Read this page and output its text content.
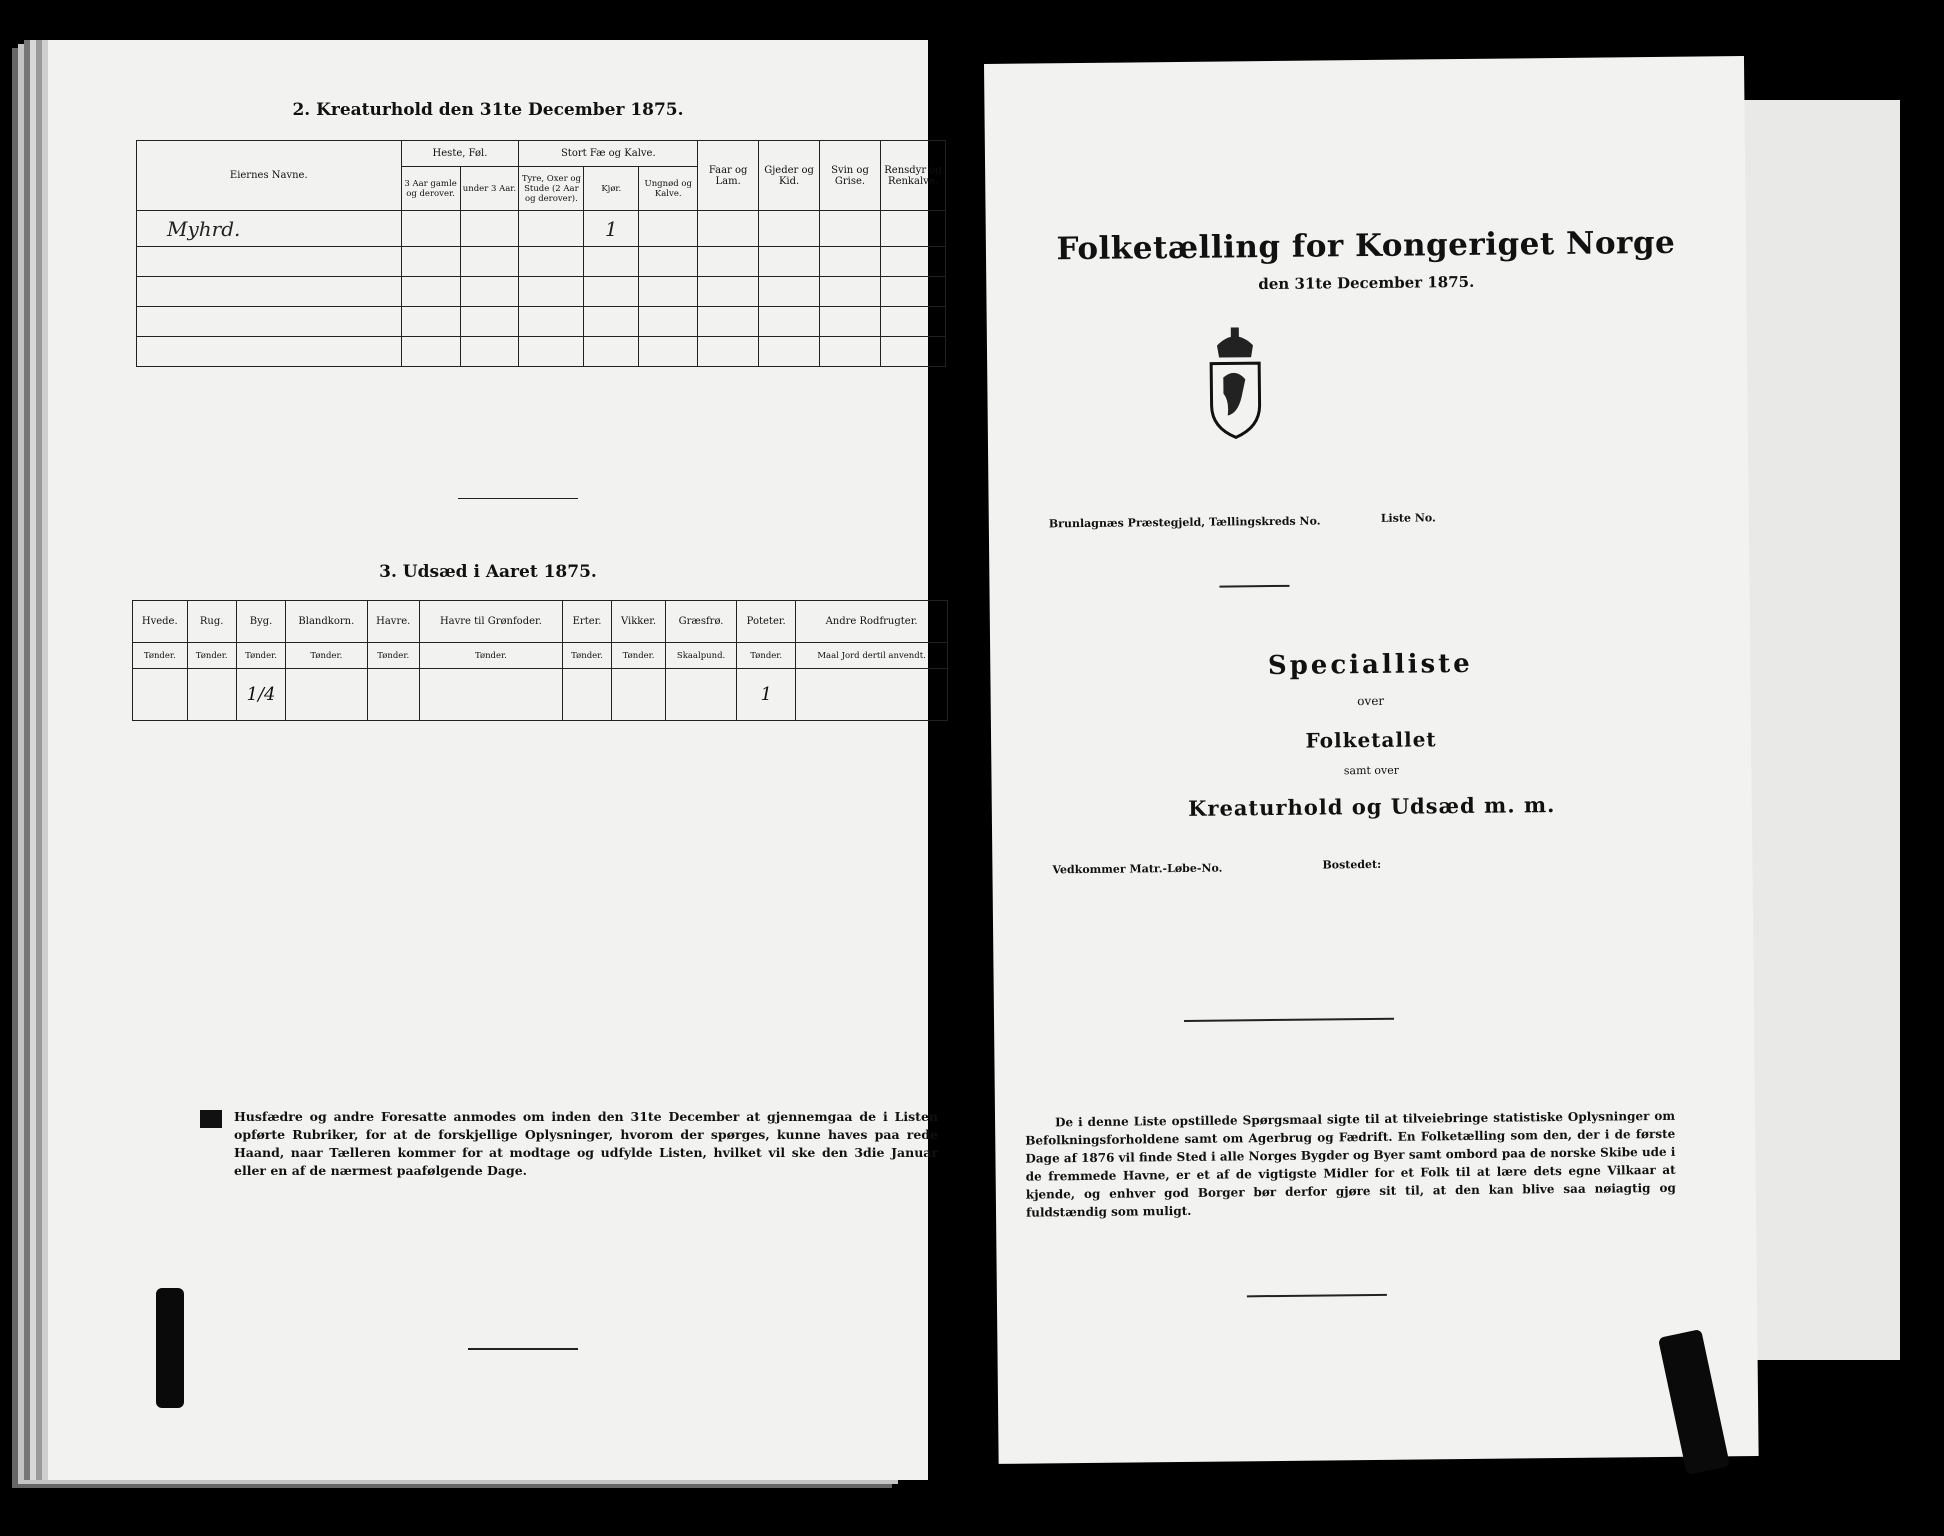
2. Kreaturhold den 31te December 1875.
Eiernes Navne.	Heste, Føl.		Stort Fæ og Kalve.			Faar og Lam.	Gjeder og Kid.	Svin og Grise.	Rensdyr og Renkalve.
	3 Aar gamle og derover.	under 3 Aar.	Tyre, Oxer og Stude (2 Aar og derover).	Kjør.	Ungnød og Kalve.				
Myhrd.				1					

3. Udsæd i Aaret 1875.
Hvede.	Rug.	Byg.	Blandkorn.	Havre.	Havre til Grønfoder.	Erter.	Vikker.	Græsfrø.	Poteter.	Andre Rodfrugter.
Tønder.	Tønder.	Tønder.	Tønder.	Tønder.	Tønder.	Tønder.	Tønder.	Skaalpund.	Tønder.	Maal Jord dertil anvendt.
		1/4							1	
Husfædre og andre Foresatte anmodes om inden den 31te December at gjennemgaa de i Listen opførte Rubriker, for at de forskjellige Oplysninger, hvorom der spørges, kunne haves paa rede Haand, naar Tælleren kommer for at modtage og udfylde Listen, hvilket vil ske den 3die Januar eller en af de nærmest paafølgende Dage.
Folketælling for Kongeriget Norge
den 31te December 1875.
Brunlagnæs Præstegjeld, Tællingskreds No.	Liste No.
Specialliste
over
Folketallet
samt over
Kreaturhold og Udsæd m. m.
Vedkommer Matr.-Løbe-No.	Bostedet:
De i denne Liste opstillede Spørgsmaal sigte til at tilveiebringe statistiske Oplysninger om Befolkningsforholdene samt om Agerbrug og Fædrift. En Folketælling som den, der i de første Dage af 1876 vil finde Sted i alle Norges Bygder og Byer samt ombord paa de norske Skibe ude i de fremmede Havne, er et af de vigtigste Midler for et Folk til at lære dets egne Vilkaar at kjende, og enhver god Borger bør derfor gjøre sit til, at den kan blive saa nøiagtig og fuldstændig som muligt.
